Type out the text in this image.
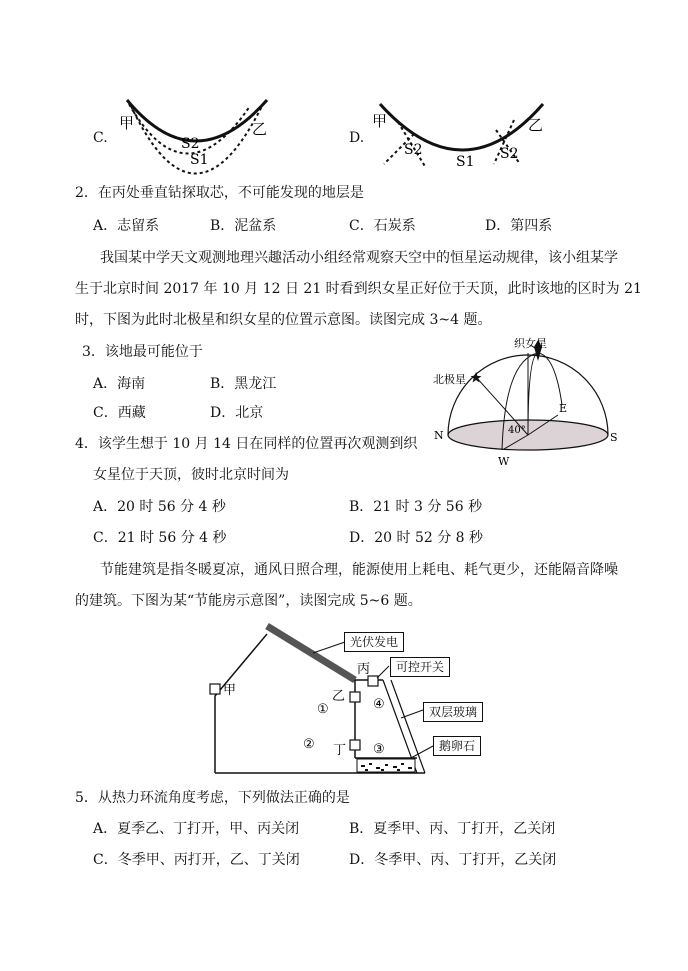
C.
甲	乙
S2
S1
D.
甲	乙
S2
S1 S2
2．在丙处垂直钻探取芯，不可能发现的地层是
A．志留系	B．泥盆系	C．石炭系	D．第四系
我国某中学天文观测地理兴趣活动小组经常观察天空中的恒星运动规律，该小组某学
生于北京时间 2017 年 10 月 12 日 21 时看到织女星正好位于天顶，此时该地的区时为 21
时，下图为此时北极星和织女星的位置示意图。读图完成 3~4 题。
3．该地最可能位于
A．海南	B．黑龙江
C．西藏	D．北京
织女星
北极星
N	S
E
W
40°
4．该学生想于 10 月 14 日在同样的位置再次观测到织
女星位于天顶，彼时北京时间为
A．20 时 56 分 4 秒	B．21 时 3 分 56 秒
C．21 时 56 分 4 秒	D．20 时 52 分 8 秒
节能建筑是指冬暖夏凉，通风日照合理，能源使用上耗电、耗气更少，还能隔音降噪
的建筑。下图为某“节能房示意图”，读图完成 5~6 题。
甲	乙
丙
丁
①
②	③
④
光伏发电
可控开关
双层玻璃
鹅卵石
5．从热力环流角度考虑，下列做法正确的是
A．夏季乙、丁打开，甲、丙关闭	B．夏季甲、丙、丁打开，乙关闭
C．冬季甲、丙打开，乙、丁关闭	D．冬季甲、丙、丁打开，乙关闭
